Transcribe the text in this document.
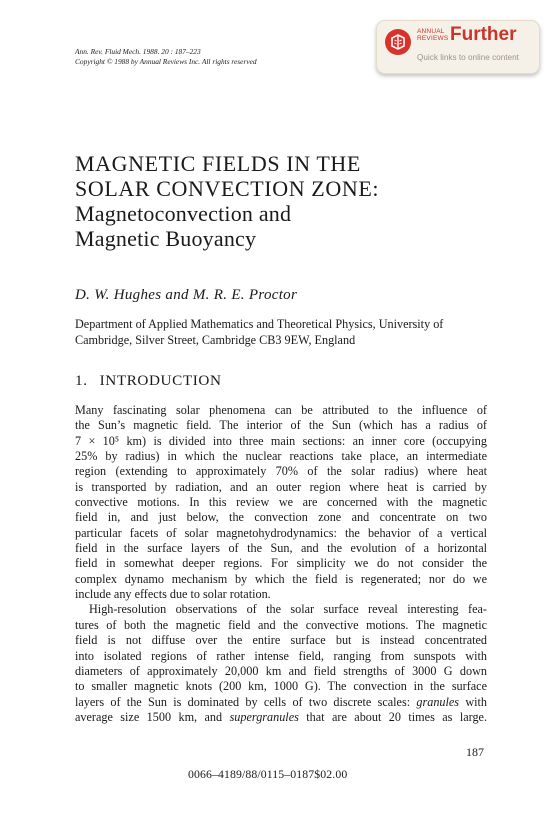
Ann. Rev. Fluid Mech. 1988. 20 : 187–223
Copyright © 1988 by Annual Reviews Inc. All rights reserved
ANNUAL
REVIEWS Further
Quick links to online content
MAGNETIC FIELDS IN THE
SOLAR CONVECTION ZONE:
Magnetoconvection and
Magnetic Buoyancy
D. W. Hughes and M. R. E. Proctor
Department of Applied Mathematics and Theoretical Physics, University of Cambridge, Silver Street, Cambridge CB3 9EW, England
1. INTRODUCTION

Many fascinating solar phenomena can be attributed to the influence of

the Sun’s magnetic field. The interior of the Sun (which has a radius of

7 × 10⁵ km) is divided into three main sections: an inner core (occupying

25% by radius) in which the nuclear reactions take place, an intermediate

region (extending to approximately 70% of the solar radius) where heat

is transported by radiation, and an outer region where heat is carried by

convective motions. In this review we are concerned with the magnetic

field in, and just below, the convection zone and concentrate on two

particular facets of solar magnetohydrodynamics: the behavior of a vertical

field in the surface layers of the Sun, and the evolution of a horizontal

field in somewhat deeper regions. For simplicity we do not consider the

complex dynamo mechanism by which the field is regenerated; nor do we

include any effects due to solar rotation.

High-resolution observations of the solar surface reveal interesting fea-

tures of both the magnetic field and the convective motions. The magnetic

field is not diffuse over the entire surface but is instead concentrated

into isolated regions of rather intense field, ranging from sunspots with

diameters of approximately 20,000 km and field strengths of 3000 G down

to smaller magnetic knots (200 km, 1000 G). The convection in the surface

layers of the Sun is dominated by cells of two discrete scales: granules with

average size 1500 km, and supergranules that are about 20 times as large.

187
0066–4189/88/0115–0187$02.00
